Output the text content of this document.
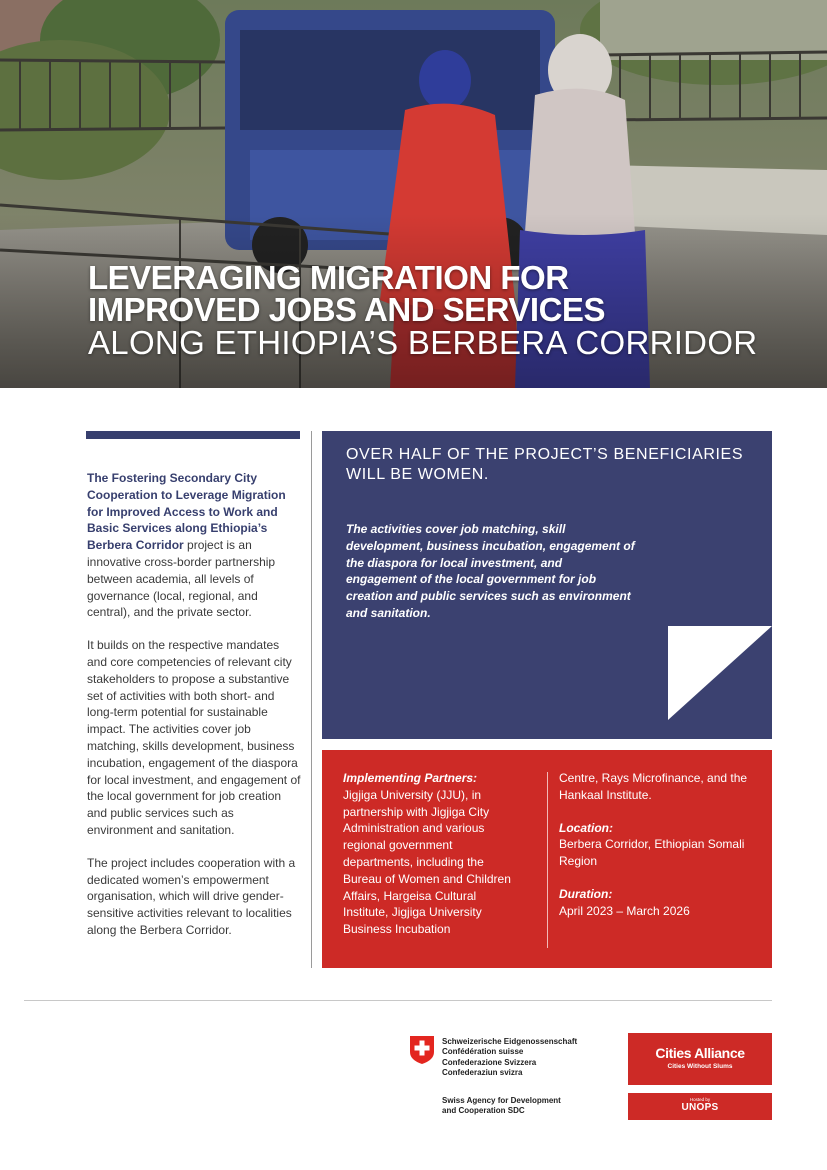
LEVERAGING MIGRATION FOR
IMPROVED JOBS AND SERVICES
ALONG ETHIOPIA’S BERBERA CORRIDOR

The Fostering Secondary City Cooperation to Leverage Migration for Improved Access to Work and Basic Services along Ethiopia’s Berbera Corridor project is an innovative cross-border partnership between academia, all levels of governance (local, regional, and central), and the private sector.

It builds on the respective mandates and core competencies of relevant city stakeholders to propose a substantive set of activities with both short- and long-term potential for sustainable impact. The activities cover job matching, skills development, business incubation, engagement of the diaspora for local investment, and engagement of the local government for job creation and public services such as environment and sanitation.

The project includes cooperation with a dedicated women’s empowerment organisation, which will drive gender-sensitive activities relevant to localities along the Berbera Corridor.

OVER HALF OF THE PROJECT’S BENEFICIARIES WILL BE WOMEN.
The activities cover job matching, skill development, business incubation, engagement of the diaspora for local investment, and engagement of the local government for job creation and public services such as environment and sanitation.
Implementing Partners:
Jigjiga University (JJU), in partnership with Jigjiga City Administration and various regional government departments, including the Bureau of Women and Children Affairs, Hargeisa Cultural Institute, Jigjiga University Business Incubation
Centre, Rays Microfinance, and the Hankaal Institute.
Location:
Berbera Corridor, Ethiopian Somali Region
Duration:
April 2023 – March 2026
Schweizerische Eidgenossenschaft
Confédération suisse
Confederazione Svizzera
Confederaziun svizra
Swiss Agency for Development
and Cooperation SDC
Cities Alliance
Cities Without Slums
Hosted by
UNOPS
